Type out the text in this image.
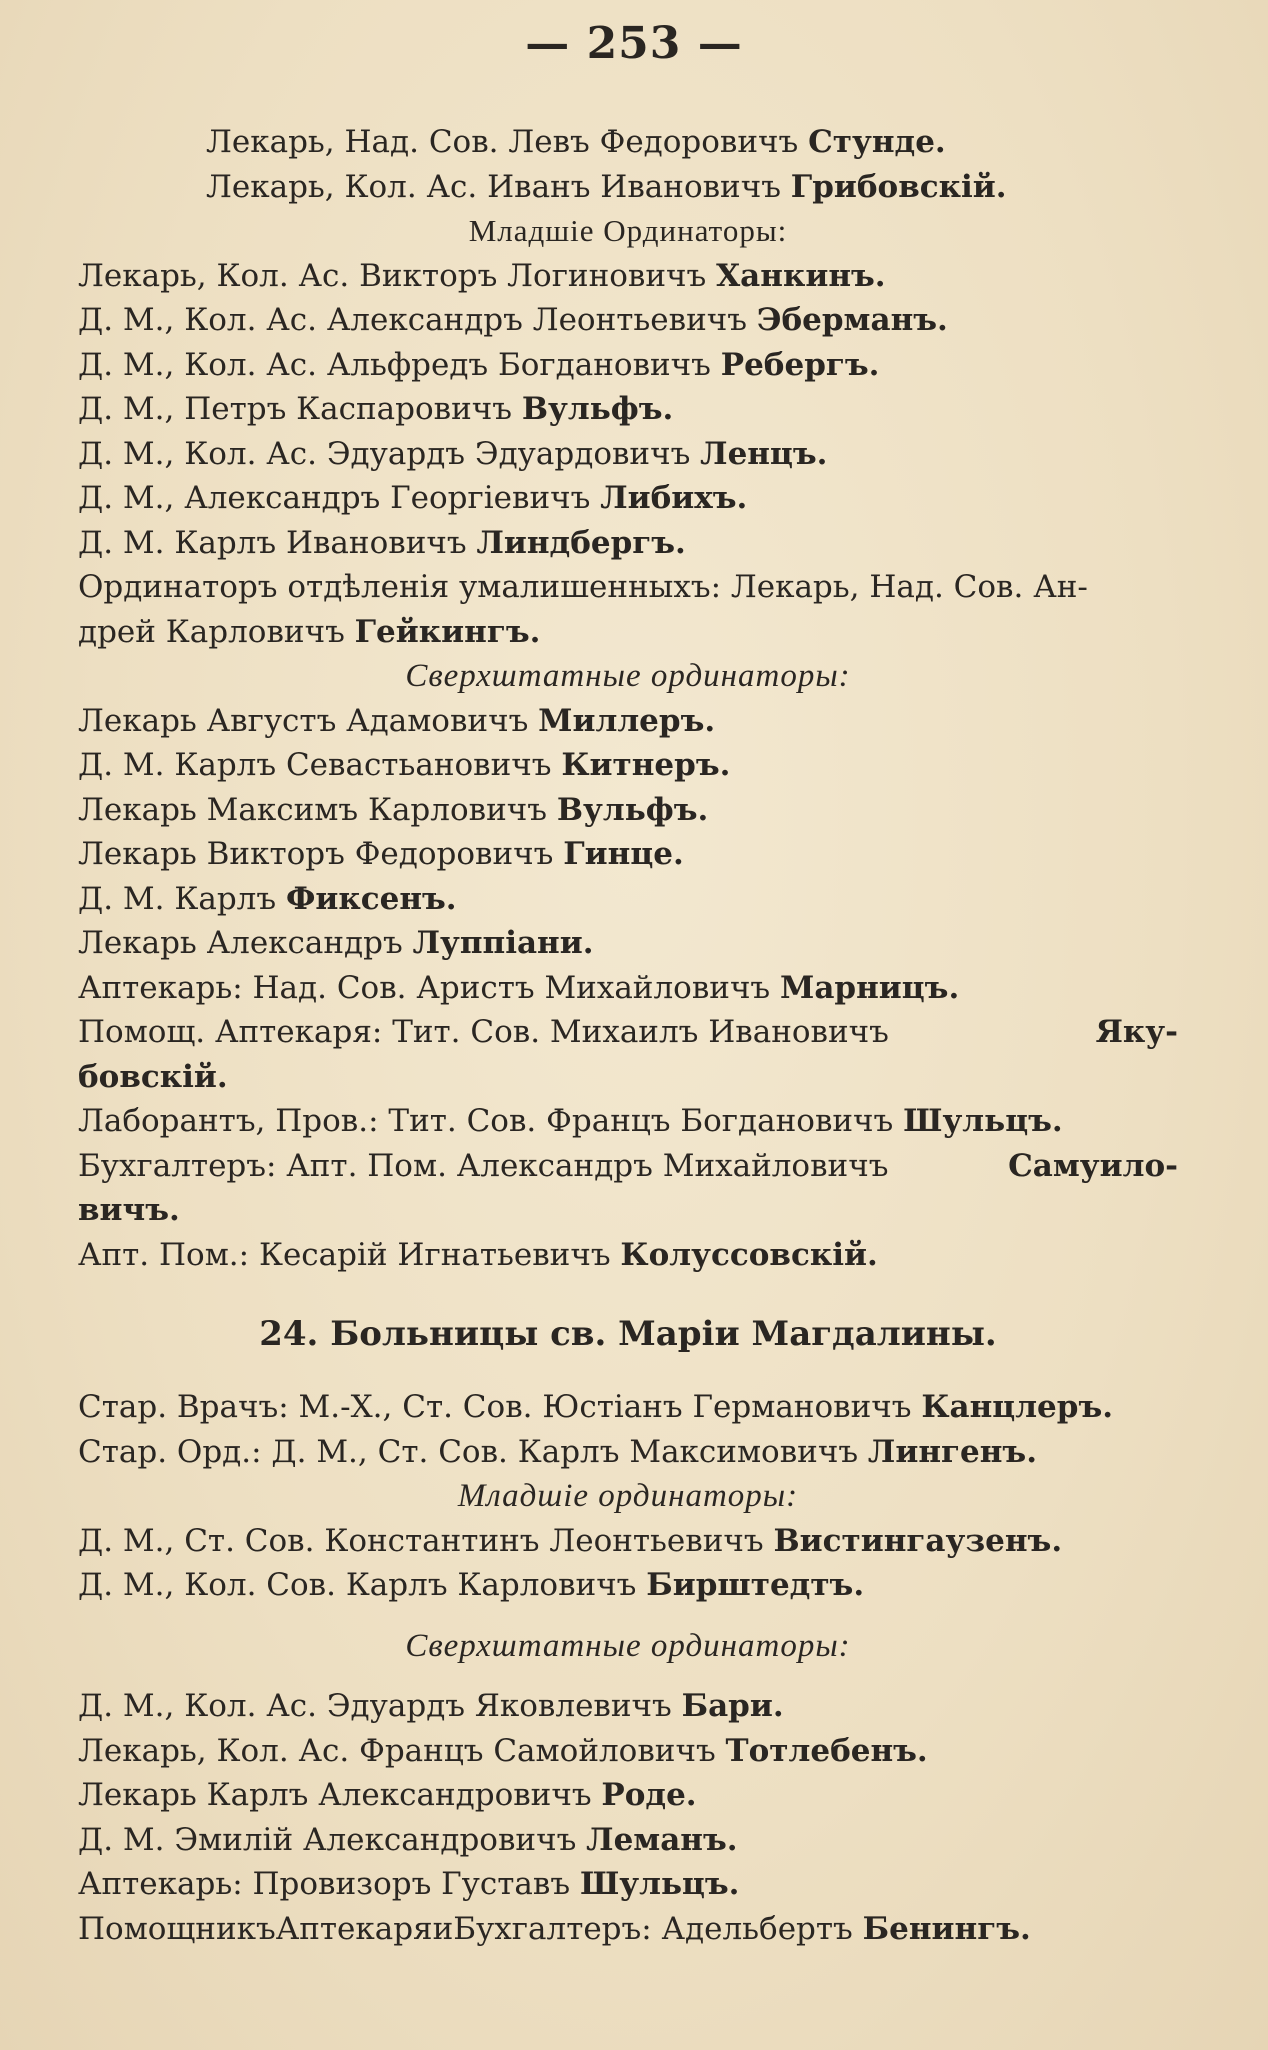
— 253 —
Лекарь, Над. Сов. Левъ Федоровичъ Стунде.
Лекарь, Кол. Ас. Иванъ Ивановичъ Грибовскій.
Младшіе Ординаторы:
Лекарь, Кол. Ас. Викторъ Логиновичъ Ханкинъ.
Д. М., Кол. Ас. Александръ Леонтьевичъ Эберманъ.
Д. М., Кол. Ас. Альфредъ Богдановичъ Ребергъ.
Д. М., Петръ Каспаровичъ Вульфъ.
Д. М., Кол. Ас. Эдуардъ Эдуардовичъ Ленцъ.
Д. М., Александръ Георгіевичъ Либихъ.
Д. М. Карлъ Ивановичъ Линдбергъ.
Ординаторъ отдѣленія умалишенныхъ: Лекарь, Над. Сов. Ан-
дрей Карловичъ Гейкингъ.
Сверхштатные ординаторы:
Лекарь Августъ Адамовичъ Миллеръ.
Д. М. Карлъ Севастьановичъ Китнеръ.
Лекарь Максимъ Карловичъ Вульфъ.
Лекарь Викторъ Федоровичъ Гинце.
Д. М. Карлъ Фиксенъ.
Лекарь Александръ Луппіани.
Аптекарь: Над. Сов. Аристъ Михайловичъ Марницъ.
Помощ. Аптекаря: Тит. Сов. Михаилъ Ивановичъ	Яку-
бовскій.
Лаборантъ, Пров.: Тит. Сов. Францъ Богдановичъ Шульцъ.
Бухгалтеръ: Апт. Пом. Александръ Михайловичъ	Самуило-
вичъ.
Апт. Пом.: Кесарій Игнатьевичъ Колуссовскій.
24. Больницы св. Маріи Магдалины.
Стар. Врачъ: М.-Х., Ст. Сов. Юстіанъ Германовичъ Канцлеръ.
Стар. Орд.: Д. М., Ст. Сов. Карлъ Максимовичъ Лингенъ.
Младшіе ординаторы:
Д. М., Ст. Сов. Константинъ Леонтьевичъ Вистингаузенъ.
Д. М., Кол. Сов. Карлъ Карловичъ Бирштедтъ.
Сверхштатные ординаторы:
Д. М., Кол. Ас. Эдуардъ Яковлевичъ Бари.
Лекарь, Кол. Ас. Францъ Самойловичъ Тотлебенъ.
Лекарь Карлъ Александровичъ Роде.
Д. М. Эмилій Александровичъ Леманъ.
Аптекарь: Провизоръ Густавъ Шульцъ.
ПомощникъАптекаряиБухгалтеръ: Адельбертъ Бенингъ.
